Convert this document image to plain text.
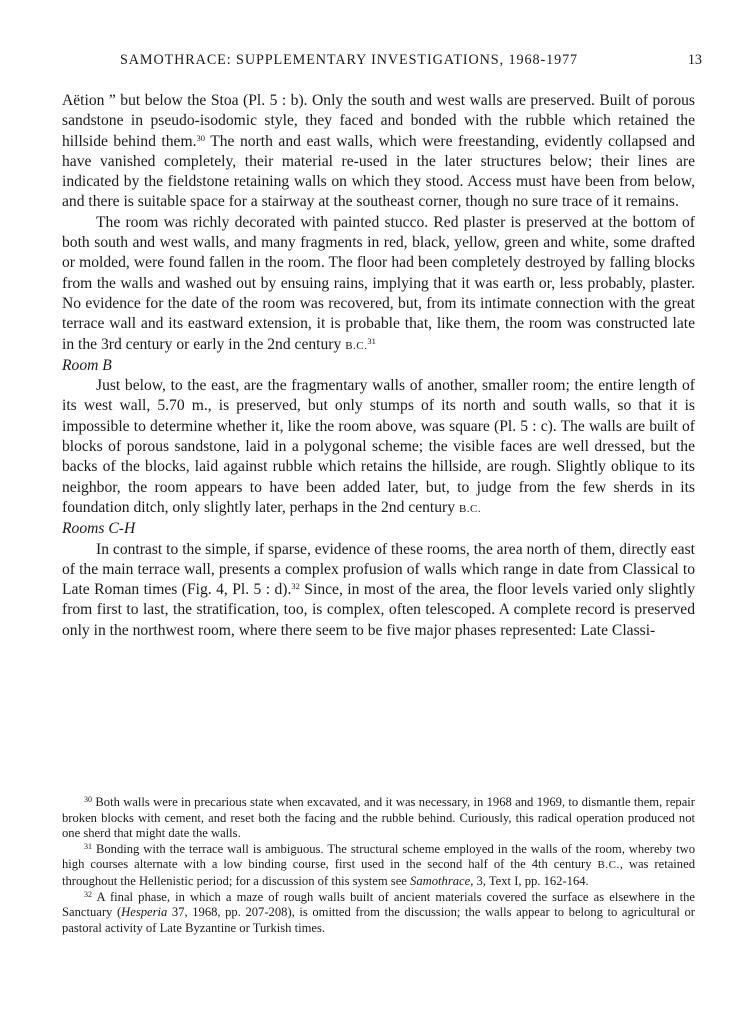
SAMOTHRACE: SUPPLEMENTARY INVESTIGATIONS, 1968-1977	13

Aëtion ” but below the Stoa (Pl. 5 : b). Only the south and west walls are preserved. Built of porous sandstone in pseudo-isodomic style, they faced and bonded with the rubble which retained the hillside behind them.$^{30}$ The north and east walls, which were freestanding, evidently collapsed and have vanished completely, their material re-used in the later structures below; their lines are indicated by the fieldstone retaining walls on which they stood. Access must have been from below, and there is suitable space for a stairway at the southeast corner, though no sure trace of it remains.

The room was richly decorated with painted stucco. Red plaster is preserved at the bottom of both south and west walls, and many fragments in red, black, yellow, green and white, some drafted or molded, were found fallen in the room. The floor had been completely destroyed by falling blocks from the walls and washed out by ensuing rains, implying that it was earth or, less probably, plaster. No evidence for the date of the room was recovered, but, from its intimate connection with the great terrace wall and its eastward extension, it is probable that, like them, the room was constructed late in the 3rd century or early in the 2nd century B.C.$^{31}$

Room B

Just below, to the east, are the fragmentary walls of another, smaller room; the entire length of its west wall, 5.70 m., is preserved, but only stumps of its north and south walls, so that it is impossible to determine whether it, like the room above, was square (Pl. 5 : c). The walls are built of blocks of porous sandstone, laid in a polygonal scheme; the visible faces are well dressed, but the backs of the blocks, laid against rubble which retains the hillside, are rough. Slightly oblique to its neighbor, the room appears to have been added later, but, to judge from the few sherds in its foundation ditch, only slightly later, perhaps in the 2nd century B.C.

Rooms C-H

In contrast to the simple, if sparse, evidence of these rooms, the area north of them, directly east of the main terrace wall, presents a complex profusion of walls which range in date from Classical to Late Roman times (Fig. 4, Pl. 5 : d).$^{32}$ Since, in most of the area, the floor levels varied only slightly from first to last, the stratification, too, is complex, often telescoped. A complete record is preserved only in the northwest room, where there seem to be five major phases represented: Late Classi-

$^{30}$ Both walls were in precarious state when excavated, and it was necessary, in 1968 and 1969, to dismantle them, repair broken blocks with cement, and reset both the facing and the rubble behind. Curiously, this radical operation produced not one sherd that might date the walls.

$^{31}$ Bonding with the terrace wall is ambiguous. The structural scheme employed in the walls of the room, whereby two high courses alternate with a low binding course, first used in the second half of the 4th century B.C., was retained throughout the Hellenistic period; for a discussion of this system see Samothrace, 3, Text I, pp. 162-164.

$^{32}$ A final phase, in which a maze of rough walls built of ancient materials covered the surface as elsewhere in the Sanctuary (Hesperia 37, 1968, pp. 207-208), is omitted from the discussion; the walls appear to belong to agricultural or pastoral activity of Late Byzantine or Turkish times.
